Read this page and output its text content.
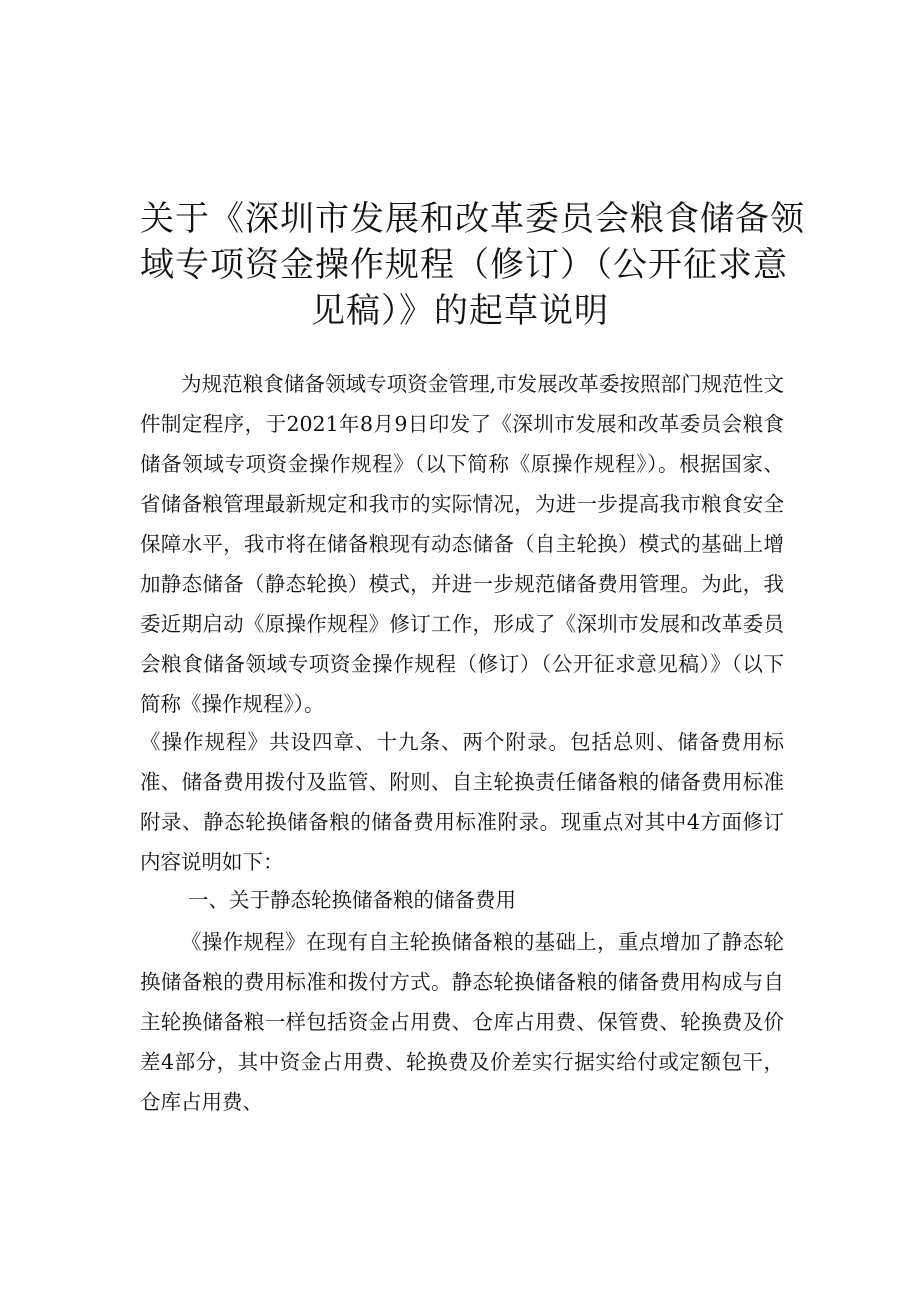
关于《深圳市发展和改革委员会粮食储备领
域专项资金操作规程（修订）（公开征求意
见稿）》的起草说明

为规范粮食储备领域专项资金管理,市发展改革委按照部门规范性文件制定程序，于2021年8月9日印发了《深圳市发展和改革委员会粮食储备领域专项资金操作规程》（以下简称《原操作规程》）。根据国家、省储备粮管理最新规定和我市的实际情况，为进一步提高我市粮食安全保障水平，我市将在储备粮现有动态储备（自主轮换）模式的基础上增加静态储备（静态轮换）模式，并进一步规范储备费用管理。为此，我委近期启动《原操作规程》修订工作，形成了《深圳市发展和改革委员会粮食储备领域专项资金操作规程（修订）（公开征求意见稿）》（以下简称《操作规程》）。

《操作规程》共设四章、十九条、两个附录。包括总则、储备费用标准、储备费用拨付及监管、附则、自主轮换责任储备粮的储备费用标准附录、静态轮换储备粮的储备费用标准附录。现重点对其中4方面修订内容说明如下：

一、关于静态轮换储备粮的储备费用

《操作规程》在现有自主轮换储备粮的基础上，重点增加了静态轮换储备粮的费用标准和拨付方式。静态轮换储备粮的储备费用构成与自主轮换储备粮一样包括资金占用费、仓库占用费、保管费、轮换费及价差4部分，其中资金占用费、轮换费及价差实行据实给付或定额包干，仓库占用费、
